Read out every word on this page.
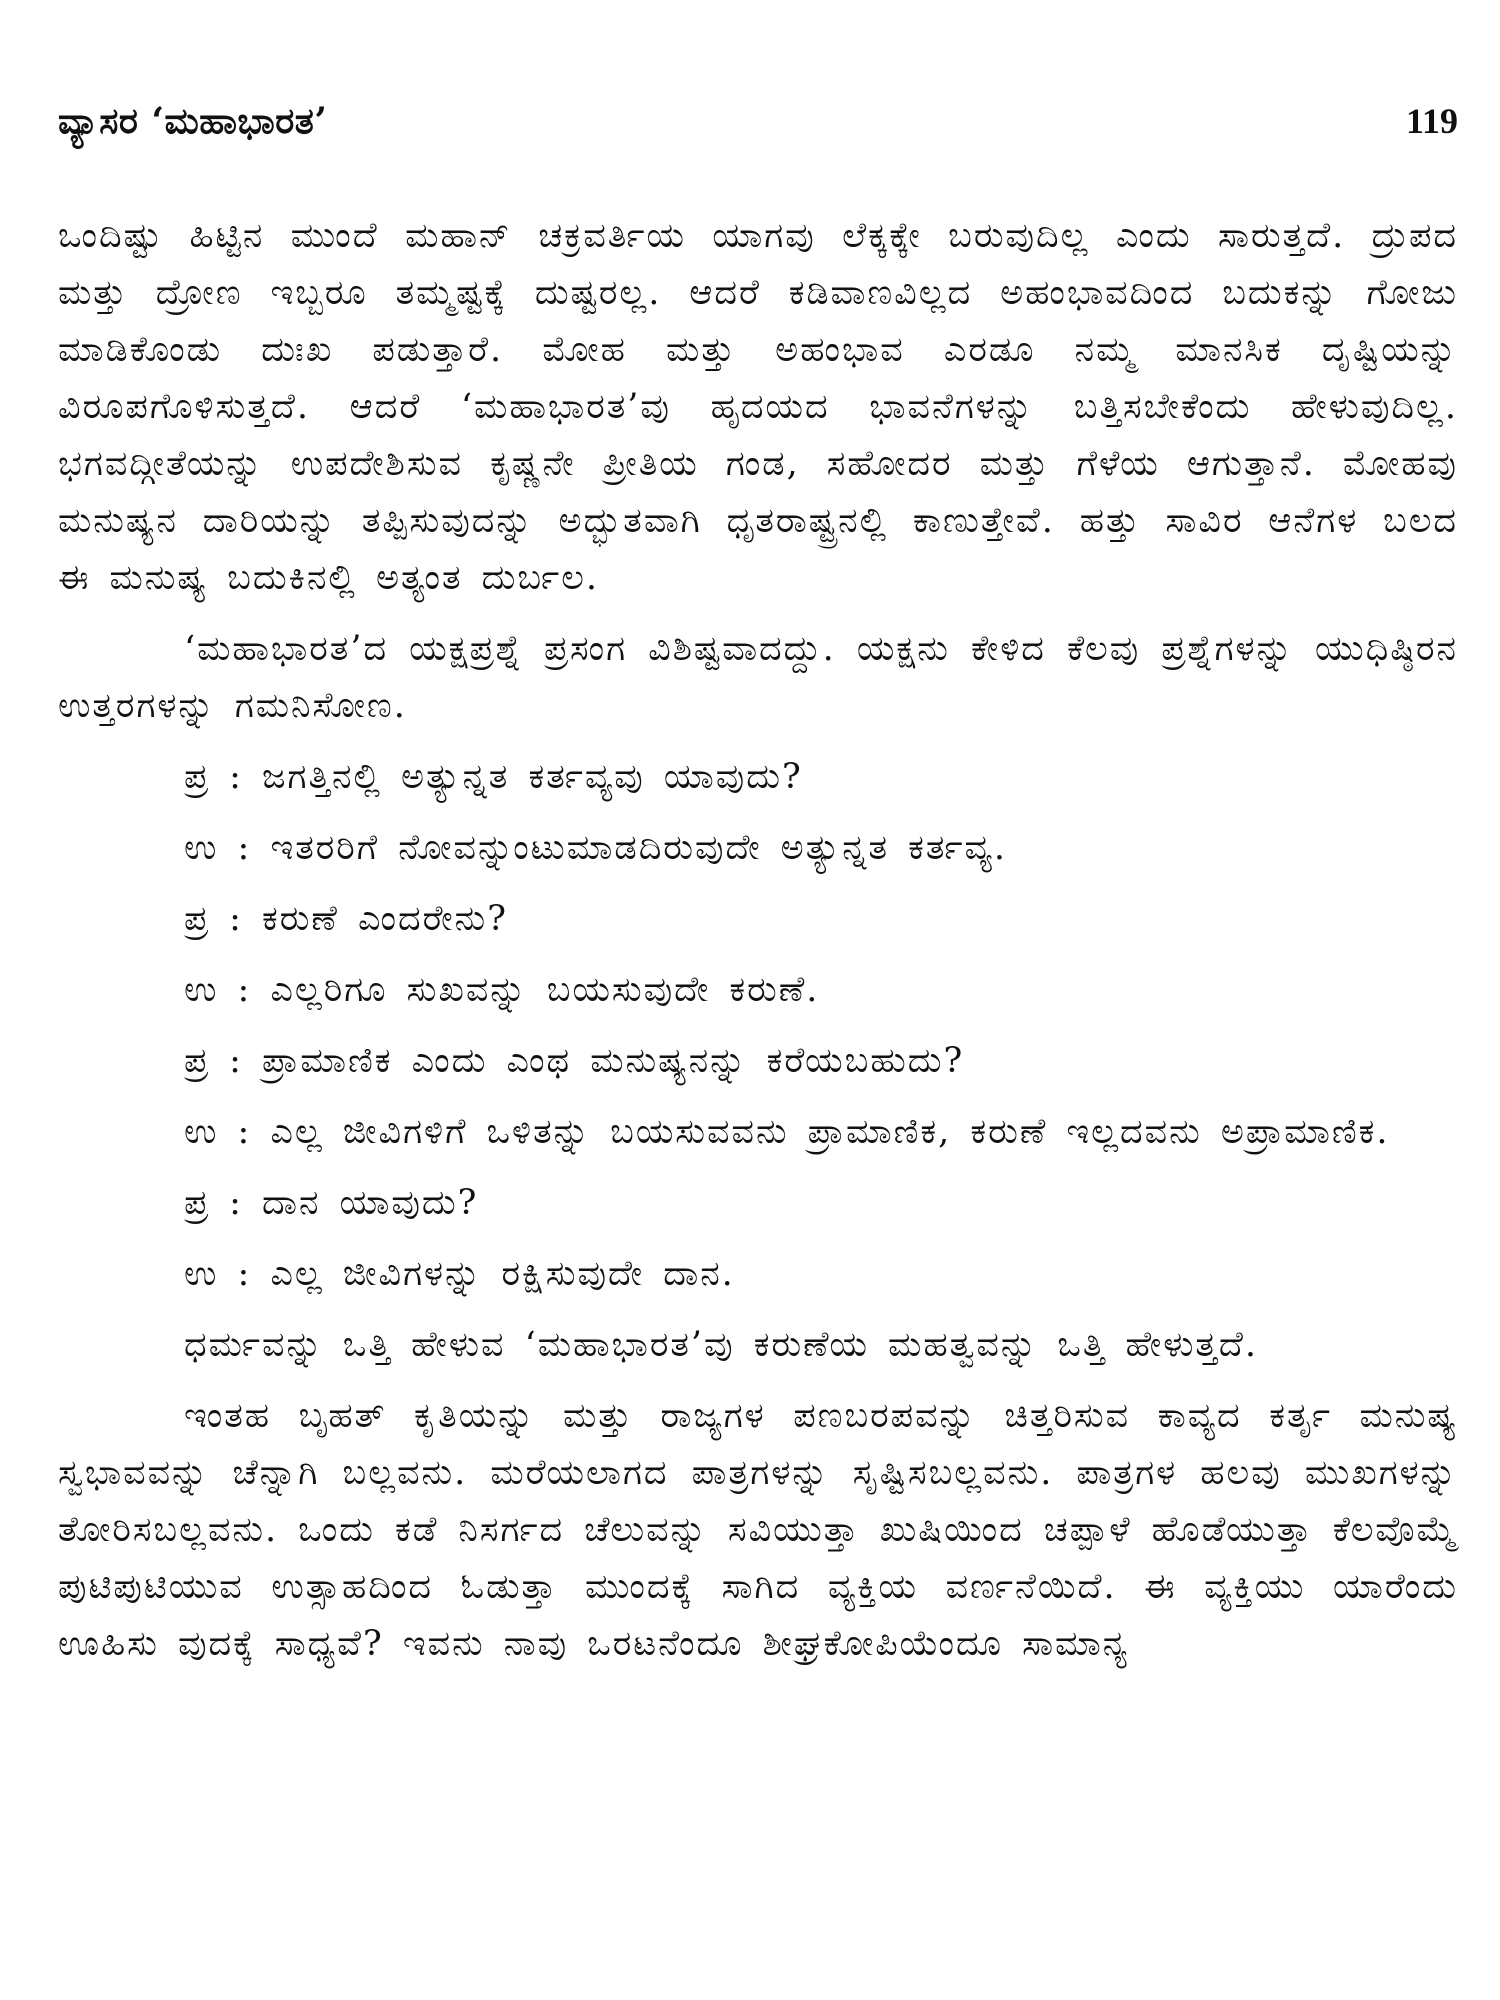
ವ್ಯಾಸರ ‘ಮಹಾಭಾರತ’	119

ಒಂದಿಷ್ಟು ಹಿಟ್ಟಿನ ಮುಂದೆ ಮಹಾನ್ ಚಕ್ರವರ್ತಿಯ ಯಾಗವು ಲೆಕ್ಕಕ್ಕೇ ಬರುವುದಿಲ್ಲ ಎಂದು ಸಾರುತ್ತದೆ. ದ್ರುಪದ ಮತ್ತು ದ್ರೋಣ ಇಬ್ಬರೂ ತಮ್ಮಷ್ಟಕ್ಕೆ ದುಷ್ಟರಲ್ಲ. ಆದರೆ ಕಡಿವಾಣವಿಲ್ಲದ ಅಹಂಭಾವದಿಂದ ಬದುಕನ್ನು ಗೋಜು ಮಾಡಿಕೊಂಡು ದುಃಖ ಪಡುತ್ತಾರೆ. ಮೋಹ ಮತ್ತು ಅಹಂಭಾವ ಎರಡೂ ನಮ್ಮ ಮಾನಸಿಕ ದೃಷ್ಟಿಯನ್ನು ವಿರೂಪಗೊಳಿಸುತ್ತದೆ. ಆದರೆ ‘ಮಹಾಭಾರತ’ವು ಹೃದಯದ ಭಾವನೆಗಳನ್ನು ಬತ್ತಿಸಬೇಕೆಂದು ಹೇಳುವುದಿಲ್ಲ. ಭಗವದ್ಗೀತೆಯನ್ನು ಉಪದೇಶಿಸುವ ಕೃಷ್ಣನೇ ಪ್ರೀತಿಯ ಗಂಡ, ಸಹೋದರ ಮತ್ತು ಗೆಳೆಯ ಆಗುತ್ತಾನೆ. ಮೋಹವು ಮನುಷ್ಯನ ದಾರಿಯನ್ನು ತಪ್ಪಿಸುವುದನ್ನು ಅದ್ಭುತವಾಗಿ ಧೃತರಾಷ್ಟ್ರನಲ್ಲಿ ಕಾಣುತ್ತೇವೆ. ಹತ್ತು ಸಾವಿರ ಆನೆಗಳ ಬಲದ ಈ ಮನುಷ್ಯ ಬದುಕಿನಲ್ಲಿ ಅತ್ಯಂತ ದುರ್ಬಲ.

‘ಮಹಾಭಾರತ’ದ ಯಕ್ಷಪ್ರಶ್ನೆ ಪ್ರಸಂಗ ವಿಶಿಷ್ಟವಾದದ್ದು. ಯಕ್ಷನು ಕೇಳಿದ ಕೆಲವು ಪ್ರಶ್ನೆಗಳನ್ನು ಯುಧಿಷ್ಠಿರನ ಉತ್ತರಗಳನ್ನು ಗಮನಿಸೋಣ.

ಪ್ರ : ಜಗತ್ತಿನಲ್ಲಿ ಅತ್ಯುನ್ನತ ಕರ್ತವ್ಯವು ಯಾವುದು?

ಉ : ಇತರರಿಗೆ ನೋವನ್ನುಂಟುಮಾಡದಿರುವುದೇ ಅತ್ಯುನ್ನತ ಕರ್ತವ್ಯ.

ಪ್ರ : ಕರುಣೆ ಎಂದರೇನು?

ಉ : ಎಲ್ಲರಿಗೂ ಸುಖವನ್ನು ಬಯಸುವುದೇ ಕರುಣೆ.

ಪ್ರ : ಪ್ರಾಮಾಣಿಕ ಎಂದು ಎಂಥ ಮನುಷ್ಯನನ್ನು ಕರೆಯಬಹುದು?

ಉ : ಎಲ್ಲ ಜೀವಿಗಳಿಗೆ ಒಳಿತನ್ನು ಬಯಸುವವನು ಪ್ರಾಮಾಣಿಕ, ಕರುಣೆ ಇಲ್ಲದವನು ಅಪ್ರಾಮಾಣಿಕ.

ಪ್ರ : ದಾನ ಯಾವುದು?

ಉ : ಎಲ್ಲ ಜೀವಿಗಳನ್ನು ರಕ್ಷಿಸುವುದೇ ದಾನ.

ಧರ್ಮವನ್ನು ಒತ್ತಿ ಹೇಳುವ ‘ಮಹಾಭಾರತ’ವು ಕರುಣೆಯ ಮಹತ್ವವನ್ನು ಒತ್ತಿ ಹೇಳುತ್ತದೆ.

ಇಂತಹ ಬೃಹತ್ ಕೃತಿಯನ್ನು ಮತ್ತು ರಾಜ್ಯಗಳ ಪಣಬರಪವನ್ನು ಚಿತ್ತರಿಸುವ ಕಾವ್ಯದ ಕರ್ತೃ ಮನುಷ್ಯ ಸ್ವಭಾವವನ್ನು ಚೆನ್ನಾಗಿ ಬಲ್ಲವನು. ಮರೆಯಲಾಗದ ಪಾತ್ರಗಳನ್ನು ಸೃಷ್ಟಿಸಬಲ್ಲವನು. ಪಾತ್ರಗಳ ಹಲವು ಮುಖಗಳನ್ನು ತೋರಿಸಬಲ್ಲವನು. ಒಂದು ಕಡೆ ನಿಸರ್ಗದ ಚೆಲುವನ್ನು ಸವಿಯುತ್ತಾ ಖುಷಿಯಿಂದ ಚಪ್ಪಾಳೆ ಹೊಡೆಯುತ್ತಾ ಕೆಲವೊಮ್ಮೆ ಪುಟಿಪುಟಿಯುವ ಉತ್ಸಾಹದಿಂದ ಓಡುತ್ತಾ ಮುಂದಕ್ಕೆ ಸಾಗಿದ ವ್ಯಕ್ತಿಯ ವರ್ಣನೆಯಿದೆ. ಈ ವ್ಯಕ್ತಿಯು ಯಾರೆಂದು ಊಹಿಸು ವುದಕ್ಕೆ ಸಾಧ್ಯವೆ? ಇವನು ನಾವು ಒರಟನೆಂದೂ ಶೀಘ್ರಕೋಪಿಯೆಂದೂ ಸಾಮಾನ್ಯ
